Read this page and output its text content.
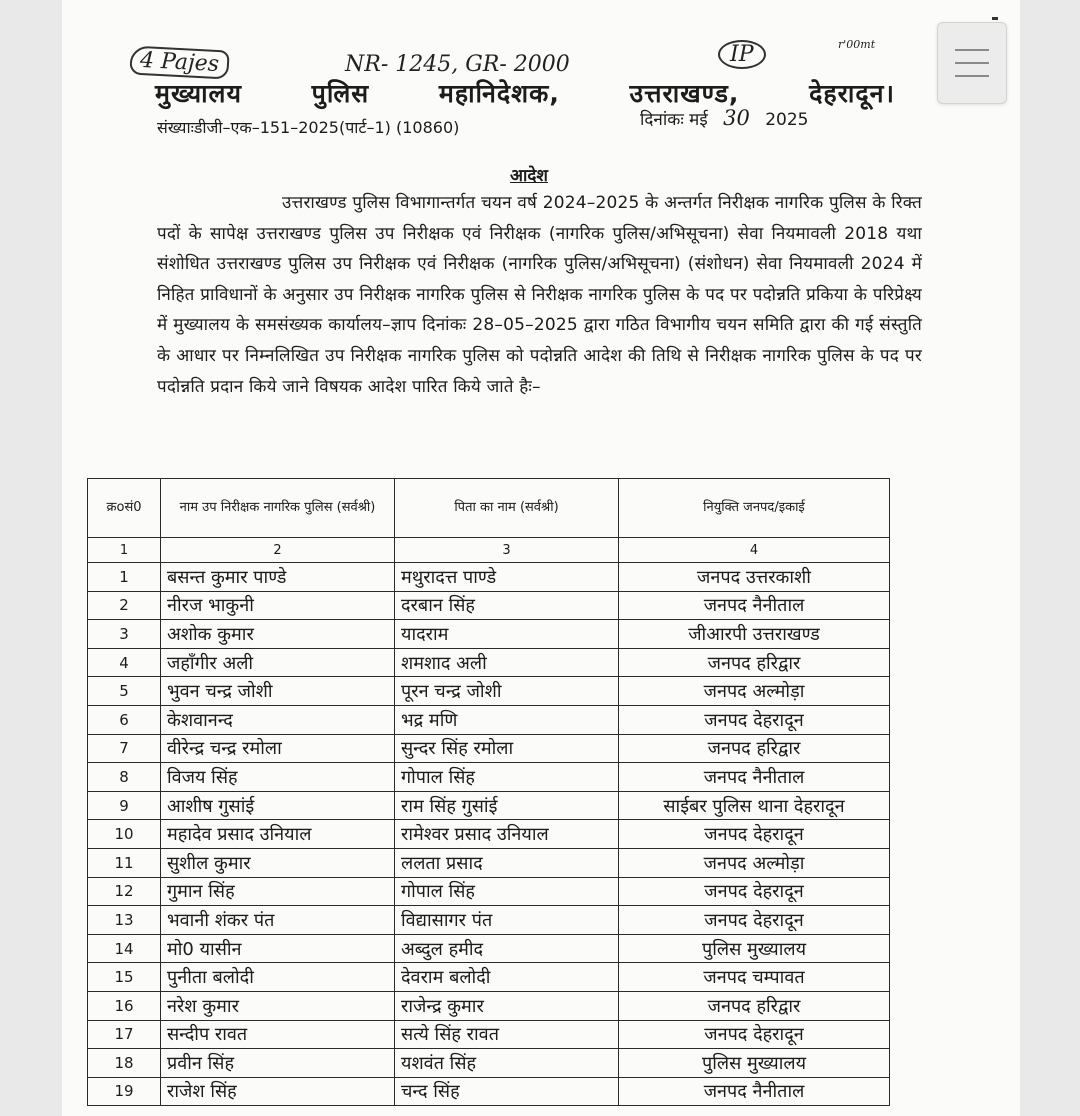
4 Pajes	NR- 1245, GR- 2000	IP	r'00mt
मुख्यालय	पुलिस	महानिदेशक,	उत्तराखण्ड,	देहरादून।
संख्याःडीजी–एक–151–2025(पार्ट–1) (10860)	दिनांकः मई 30 2025
आदेश
उत्तराखण्ड पुलिस विभागान्तर्गत चयन वर्ष 2024–2025 के अन्तर्गत निरीक्षक नागरिक पुलिस के रिक्त पदों के सापेक्ष उत्तराखण्ड पुलिस उप निरीक्षक एवं निरीक्षक (नागरिक पुलिस/अभिसूचना) सेवा नियमावली 2018 यथा संशोधित उत्तराखण्ड पुलिस उप निरीक्षक एवं निरीक्षक (नागरिक पुलिस/अभिसूचना) (संशोधन) सेवा नियमावली 2024 में निहित प्राविधानों के अनुसार उप निरीक्षक नागरिक पुलिस से निरीक्षक नागरिक पुलिस के पद पर पदोन्नति प्रकिया के परिप्रेक्ष्य में मुख्यालय के समसंख्यक कार्यालय–ज्ञाप दिनांकः 28–05–2025 द्वारा गठित विभागीय चयन समिति द्वारा की गई संस्तुति के आधार पर निम्नलिखित उप निरीक्षक नागरिक पुलिस को पदोन्नति आदेश की तिथि से निरीक्षक नागरिक पुलिस के पद पर पदोन्नति प्रदान किये जाने विषयक आदेश पारित किये जाते हैः–
क्रoसं0	नाम उप निरीक्षक नागरिक पुलिस (सर्वश्री)	पिता का नाम (सर्वश्री)	नियुक्ति जनपद/इकाई
1	2	3	4
1	बसन्त कुमार पाण्डे	मथुरादत्त पाण्डे	जनपद उत्तरकाशी
2	नीरज भाकुनी	दरबान सिंह	जनपद नैनीताल
3	अशोक कुमार	यादराम	जीआरपी उत्तराखण्ड
4	जहाँगीर अली	शमशाद अली	जनपद हरिद्वार
5	भुवन चन्द्र जोशी	पूरन चन्द्र जोशी	जनपद अल्मोड़ा
6	केशवानन्द	भद्र मणि	जनपद देहरादून
7	वीरेन्द्र चन्द्र रमोला	सुन्दर सिंह रमोला	जनपद हरिद्वार
8	विजय सिंह	गोपाल सिंह	जनपद नैनीताल
9	आशीष गुसांई	राम सिंह गुसांई	साईबर पुलिस थाना देहरादून
10	महादेव प्रसाद उनियाल	रामेश्वर प्रसाद उनियाल	जनपद देहरादून
11	सुशील कुमार	ललता प्रसाद	जनपद अल्मोड़ा
12	गुमान सिंह	गोपाल सिंह	जनपद देहरादून
13	भवानी शंकर पंत	विद्यासागर पंत	जनपद देहरादून
14	मो0 यासीन	अब्दुल हमीद	पुलिस मुख्यालय
15	पुनीता बलोदी	देवराम बलोदी	जनपद चम्पावत
16	नरेश कुमार	राजेन्द्र कुमार	जनपद हरिद्वार
17	सन्दीप रावत	सत्ये सिंह रावत	जनपद देहरादून
18	प्रवीन सिंह	यशवंत सिंह	पुलिस मुख्यालय
19	राजेश सिंह	चन्द सिंह	जनपद नैनीताल
